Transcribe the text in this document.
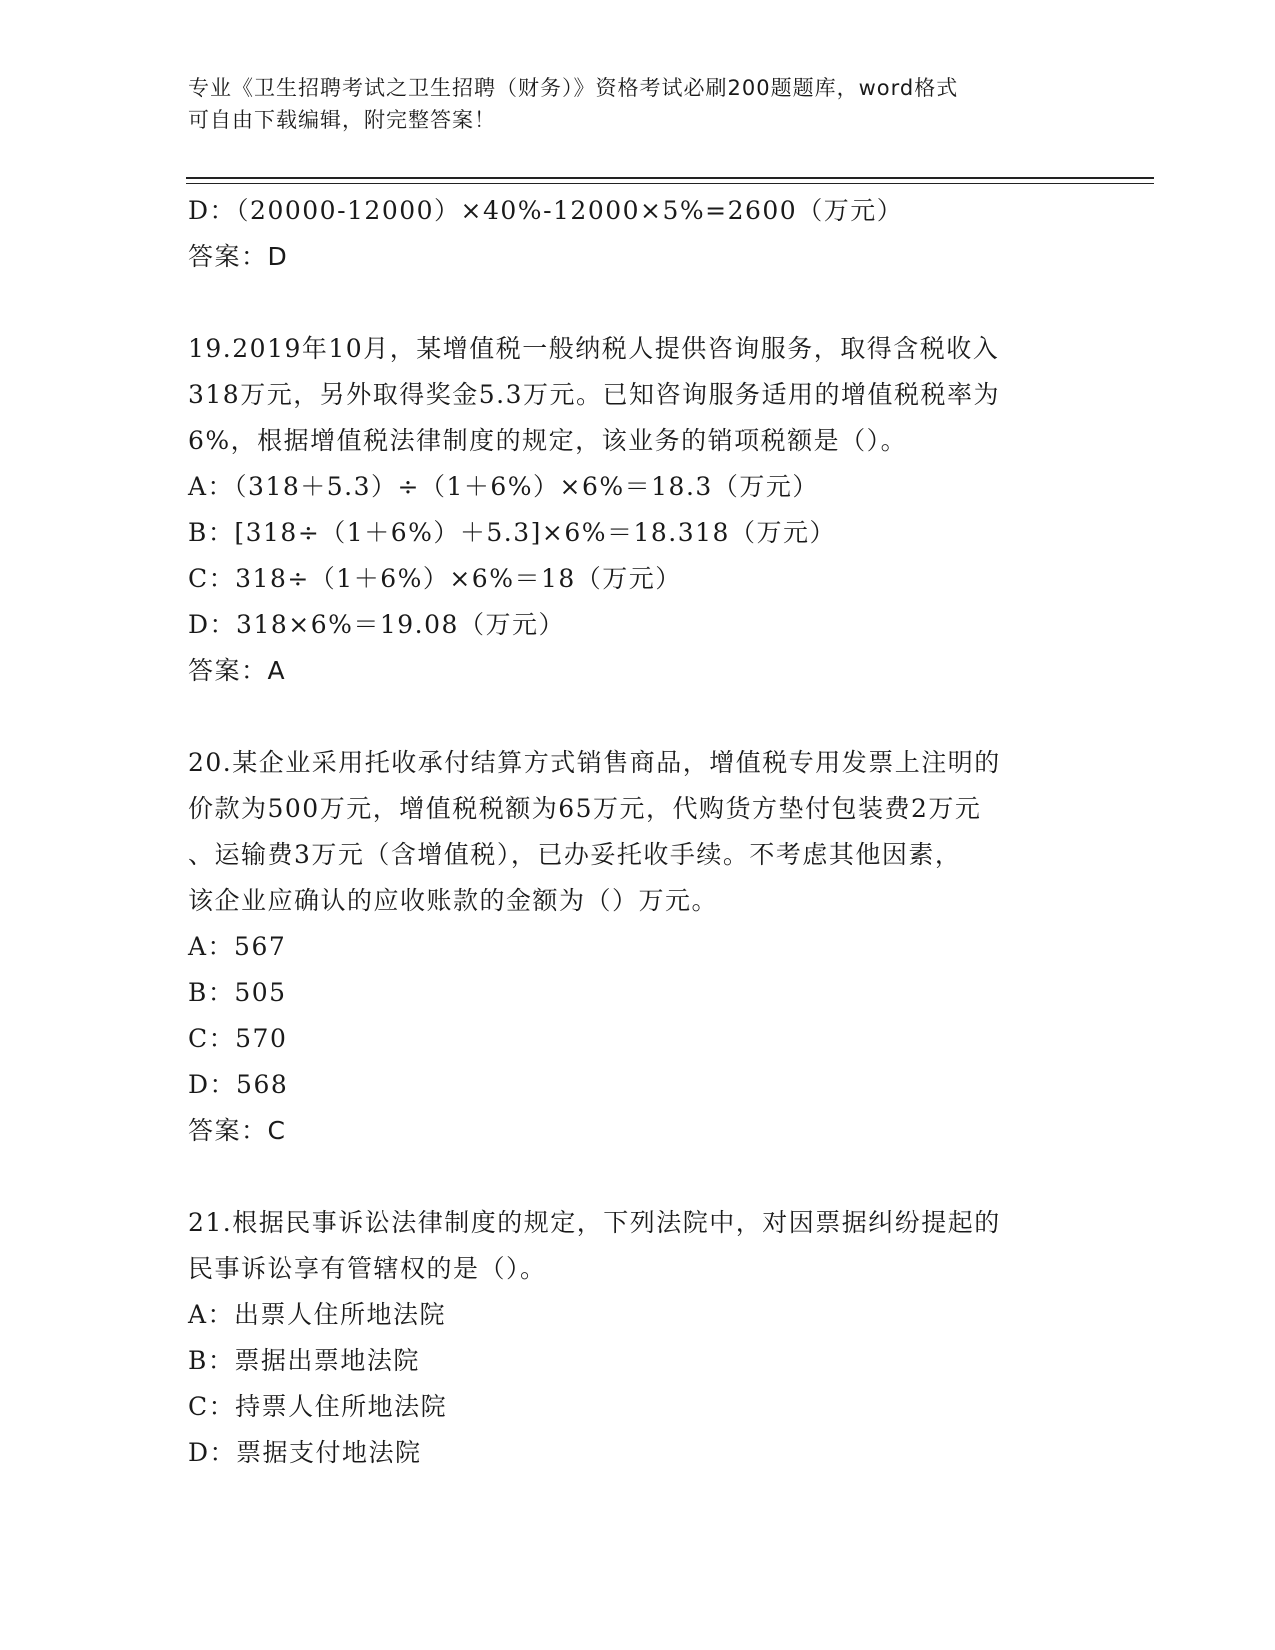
专业《卫生招聘考试之卫生招聘（财务）》资格考试必刷200题题库，word格式
可自由下载编辑，附完整答案！
D：（20000-12000）×40%-12000×5%=2600（万元）
答案：D
19.2019年10月，某增值税一般纳税人提供咨询服务，取得含税收入
318万元，另外取得奖金5.3万元。已知咨询服务适用的增值税税率为
6%，根据增值税法律制度的规定，该业务的销项税额是（）。
A：（318＋5.3）÷（1＋6%）×6%＝18.3（万元）
B：[318÷（1＋6%）＋5.3]×6%＝18.318（万元）
C：318÷（1＋6%）×6%＝18（万元）
D：318×6%＝19.08（万元）
答案：A
20.某企业采用托收承付结算方式销售商品，增值税专用发票上注明的
价款为500万元，增值税税额为65万元，代购货方垫付包装费2万元
、运输费3万元（含增值税），已办妥托收手续。不考虑其他因素，
该企业应确认的应收账款的金额为（）万元。
A：567
B：505
C：570
D：568
答案：C
21.根据民事诉讼法律制度的规定，下列法院中，对因票据纠纷提起的
民事诉讼享有管辖权的是（）。
A：出票人住所地法院
B：票据出票地法院
C：持票人住所地法院
D：票据支付地法院
